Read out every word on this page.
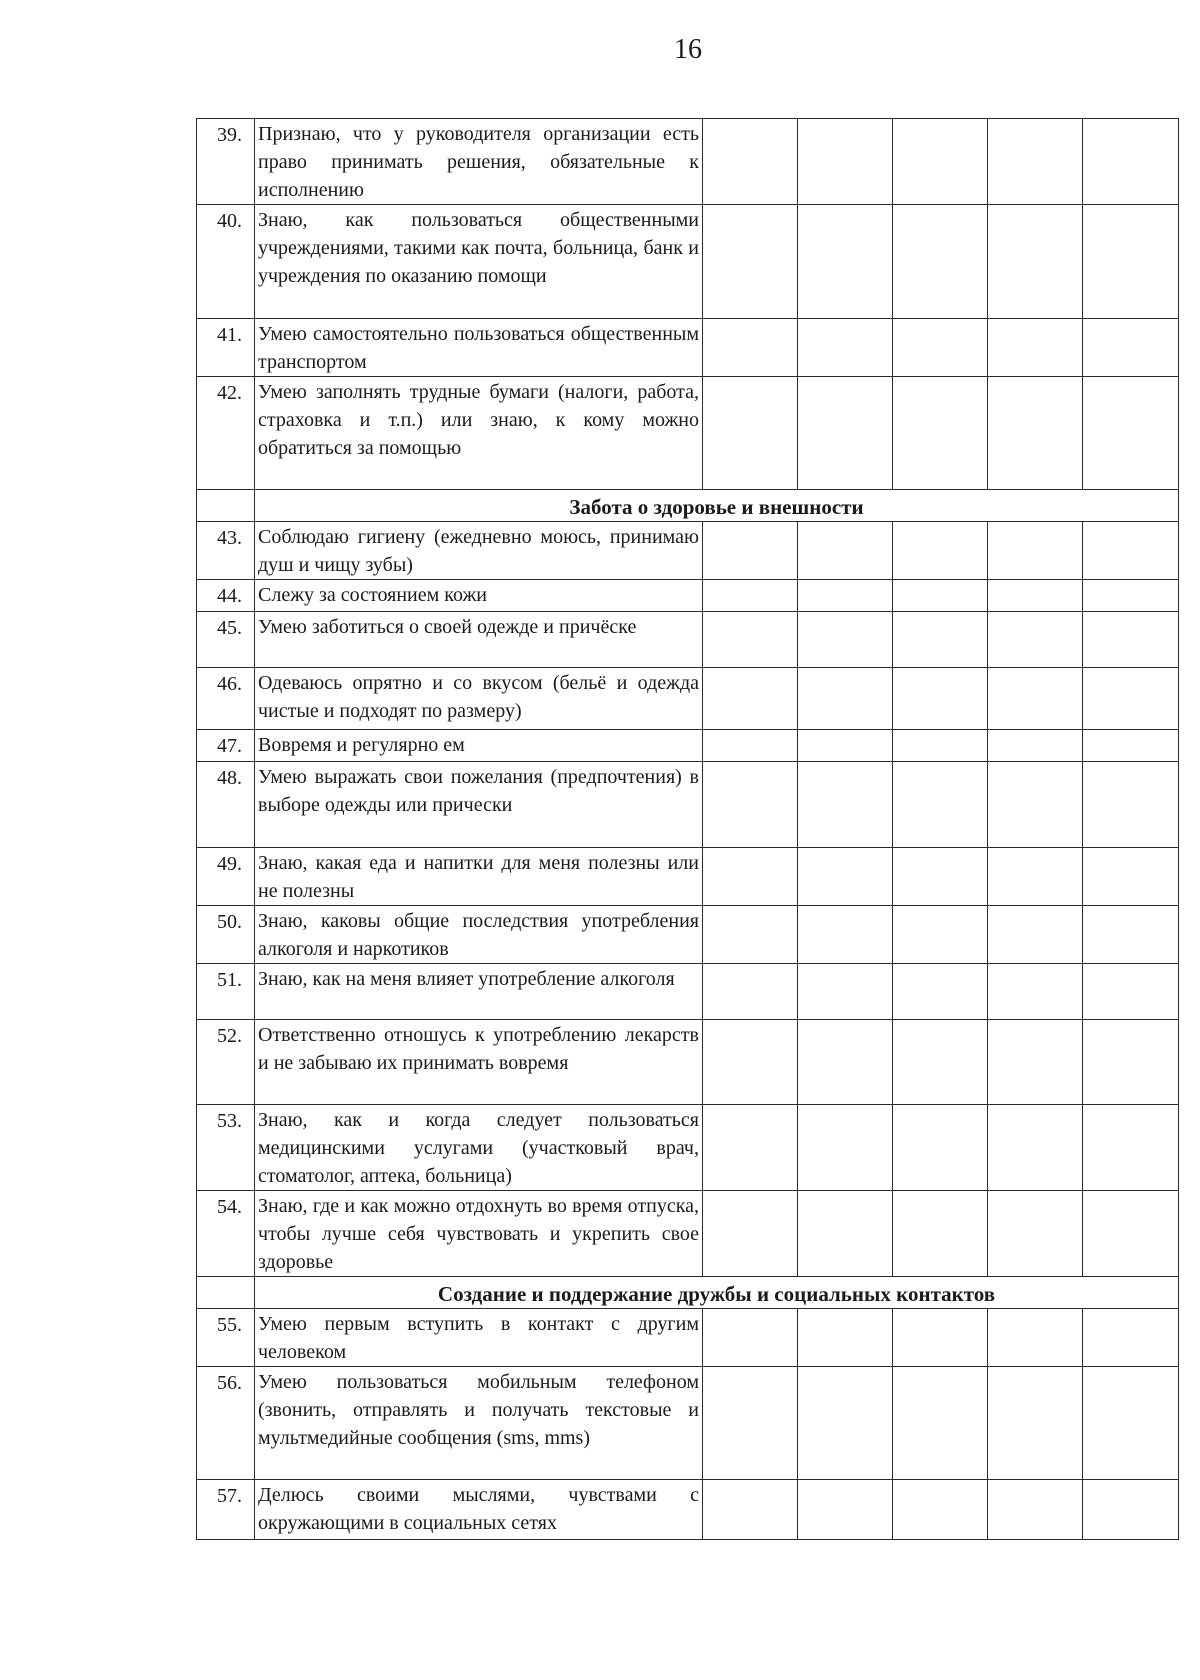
16
39.	Признаю, что у руководителя организации есть право принимать решения, обязательные к исполнению					
40.	Знаю, как пользоваться общественными учреждениями, такими как почта, больница, банк и учреждения по оказанию помощи					
41.	Умею самостоятельно пользоваться общественным транспортом					
42.	Умею заполнять трудные бумаги (налоги, работа, страховка и т.п.) или знаю, к кому можно обратиться за помощью					
	Забота о здоровье и внешности					
43.	Соблюдаю гигиену (ежедневно моюсь, принимаю душ и чищу зубы)					
44.	Слежу за состоянием кожи					
45.	Умею заботиться о своей одежде и причёске					
46.	Одеваюсь опрятно и со вкусом (бельё и одежда чистые и подходят по размеру)					
47.	Вовремя и регулярно ем					
48.	Умею выражать свои пожелания (предпочтения) в выборе одежды или прически					
49.	Знаю, какая еда и напитки для меня полезны или не полезны					
50.	Знаю, каковы общие последствия употребления алкоголя и наркотиков					
51.	Знаю, как на меня влияет употребление алкоголя					
52.	Ответственно отношусь к употреблению лекарств и не забываю их принимать вовремя					
53.	Знаю, как и когда следует пользоваться медицинскими услугами (участковый врач, стоматолог, аптека, больница)					
54.	Знаю, где и как можно отдохнуть во время отпуска, чтобы лучше себя чувствовать и укрепить свое здоровье					
	Создание и поддержание дружбы и социальных контактов					
55.	Умею первым вступить в контакт с другим человеком					
56.	Умею пользоваться мобильным телефоном (звонить, отправлять и получать текстовые и мультмедийные сообщения (sms, mms)					
57.	Делюсь своими мыслями, чувствами с окружающими в социальных сетях					
